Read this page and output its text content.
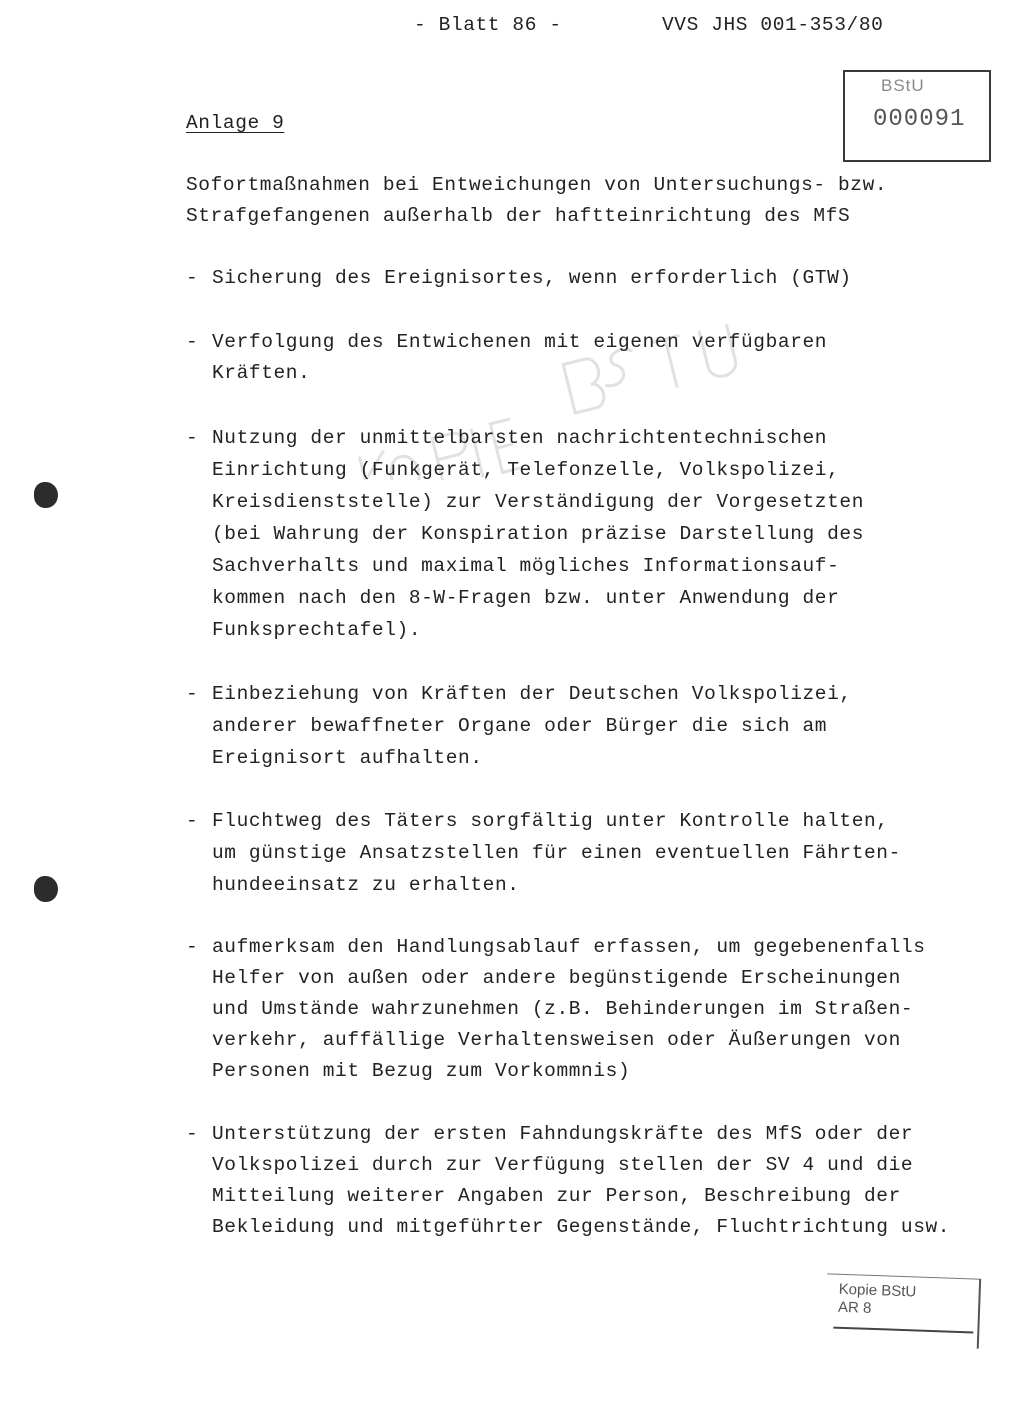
- Blatt 86 -	VVS JHS 001-353/80
BStU
000091
Anlage 9
Sofortmaßnahmen bei Entweichungen von Untersuchungs- bzw.
Strafgefangenen außerhalb der haftteinrichtung des MfS
- Sicherung des Ereignisortes, wenn erforderlich (GTW)
- Verfolgung des Entwichenen mit eigenen verfügbaren
Kräften.
- Nutzung der unmittelbarsten nachrichtentechnischen
Einrichtung (Funkgerät, Telefonzelle, Volkspolizei,
Kreisdienststelle) zur Verständigung der Vorgesetzten
(bei Wahrung der Konspiration präzise Darstellung des
Sachverhalts und maximal mögliches Informationsauf-
kommen nach den 8-W-Fragen bzw. unter Anwendung der
Funksprechtafel).
- Einbeziehung von Kräften der Deutschen Volkspolizei,
anderer bewaffneter Organe oder Bürger die sich am
Ereignisort aufhalten.
- Fluchtweg des Täters sorgfältig unter Kontrolle halten,
um günstige Ansatzstellen für einen eventuellen Fährten-
hundeeinsatz zu erhalten.
- aufmerksam den Handlungsablauf erfassen, um gegebenenfalls
Helfer von außen oder andere begünstigende Erscheinungen
und Umstände wahrzunehmen (z.B. Behinderungen im Straßen-
verkehr, auffällige Verhaltensweisen oder Äußerungen von
Personen mit Bezug zum Vorkommnis)
- Unterstützung der ersten Fahndungskräfte des MfS oder der
Volkspolizei durch zur Verfügung stellen der SV 4 und die
Mitteilung weiterer Angaben zur Person, Beschreibung der
Bekleidung und mitgeführter Gegenstände, Fluchtrichtung usw.
Kopie BStU
AR 8
